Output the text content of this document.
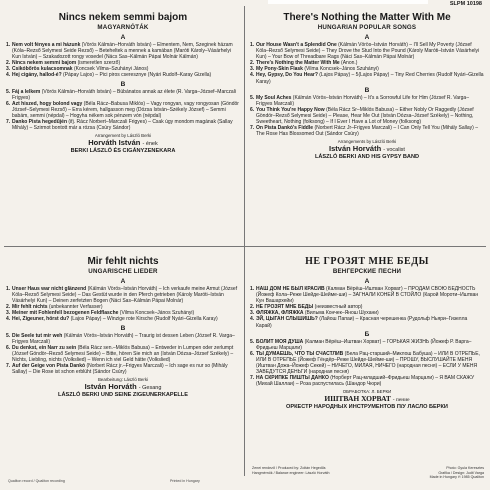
SLPM 10198
Nincs nekem semmi bajom
MAGYARNÓTÁK
A
1. Nem volt fényes a mi házunk (Vörös Kálmán–Horváth István) – Elmentem, Nem, Szeginek házam (Kóla–Rezső Selymesi Seide Rezső) – Beteheltek a mennek a kamában (Maróti Károly–Vásárhelyi Kun István) – Szakadozott rongy vosedel (Nács Sas–Kálmán Pápai Molnár Kálmán)
2. Nincs nekem semmi bajom (ismeretlen szerző)
3. Csikóbőrös kulacsomnak (Koncsek Vilma–Szuhányi János)
4. Hej cigány, hallod-é? (Pápay Lajos) – Pici piros cseresznye (Nyári Rudolf–Karay Gizella)
B
5. Fáj a lelkem (Vörös Kálmán–Horváth István) – Búbánatos annak az élete (R. Varga–József–Marczali Frigyes)
6. Azt hiszed, hogy bolond vagy (Béla Rácz–Babusa Miklós) – Vagy rongyan, vagy rongyosan (Göndör József–Selymesi Rezső) – Erra kérem, hallgasson meg (Dózsa István–Székely József) – Semmi babám, semmi (népdal) – Hogyha nékem sok pénzem vón (népdal)
7. Danko Pista hegedűjén (ifj. Rácz Norbert–Marczali Frigyes) – Csak úgy mondom magának (Sallay Mihály) – Szirmot bontott már a rózsa (Csúry Sándor)
Arrangement by László Berki
Horváth István - ének
BERKI LÁSZLÓ ÉS CIGÁNYZENEKARA
There's Nothing the Matter With Me
HUNGARIAN POPULAR SONGS
A
1. Our House Wasn't a Splendid One (Kálmán Vörös–István Horváth) – I'll Sell My Poverty (József Kóla–Rezső Selymesi Seide) – They Drove the Stud Into the Pound (Károly Maróti–István Vásárhelyi Kun) – Your Bow of Threadbare Rags (Náci Sas–Kálmán Pápai Molnár)
2. There's Nothing the Matter With Me (Anon.)
3. My Pony-Skin Flask (Vilma Koncsek–János Szuhányi)
4. Hey, Gypsy, Do You Hear? (Lajos Pápay) – 5(Lajos Pápay) – Tiny Red Cherries (Rudolf Nyári–Gizella Karay)
B
5. My Soul Aches (Kálmán Vörös–István Horváth) – It's a Sorrowful Life for Him (József R. Varga–Frigyes Marczali)
6. You Think You're Happy Now (Béla Rácz Sr–Miklós Babusa) – Either Nobly Or Raggedly (József Göndör–Rezső Selymesi Seide) – Please, Hear Me Out (István Dózsa–József Székely) – Nothing, Sweetheart, Nothing (folksong) – If I Ever I Have a Lot of Money (folksong)
7. On Pista Dankó's Fiddle (Norbert Rácz Jr–Frigyes Marczali) – I Can Only Tell You (Mihály Sallay) – The Rose Has Blossomed Out (Sándor Csúry)
Arrangements by László Berki
István Horváth - vocalist
LÁSZLÓ BERKI AND HIS GYPSY BAND
Mir fehlt nichts
UNGARISCHE LIEDER
A
1. Unser Haus war nicht glänzend (Kálmán Vörös–István Horváth) – Ich verkaufe meine Armut (József Kóla–Rezső Selymesi Seide) – Das Gestüt wurde in den Pferch getrieben (Károly Maróti–István Vásárhelyi Kun) – Deinen zerfetzten Bogen (Náci Sas–Kálmán Pápai Molnár)
2. Mir fehlt nichts (unbekannter Verfasser)
3. Meiner mit Fohlenfell bezogenen Feldflasche (Vilma Koncsek–János Szuhányi)
4. Hei, Zigeuner, hörst du? (Lajos Pápay) – Winzige rote Kirsche (Rudolf Nyári–Gizella Karay)
B
5. Die Seele tut mir weh (Kálmán Vörös–István Horváth) – Traurig ist dessen Leben (József R. Varga–Frigyes Marczali)
6. Du denkst, ein Narr zu sein (Béla Rácz sen.–Miklós Babusa) – Entweder in Lumpen oder zerlumpt (József Göndör–Rezső Selymesi Seide) – Bitte, hören Sie mich an (István Dózsa–József Székely) – Nichts, Liebling, nichts (Volkslied) – Wenn ich viel Geld hätte (Volkslied)
7. Auf der Geige von Pista Dankó (Norbert Rácz jr.–Frigyes Marczali) – Ich sage es nur so (Mihály Sallay) – Die Rose ist schon erblüht (Sándor Csúry)
Bearbeitung: László Berki
István Horváth - Gesang
LÁSZLÓ BERKI UND SEINE ZIGEUNERKAPELLE
НЕ ГРОЗЯТ МНЕ БЕДЫ
ВЕНГЕРСКИЕ ПЕСНИ
A
1. НАШ ДОМ НЕ БЫЛ КРАСИВ (Калман Вёрёш–Иштван Хорват) – ПРОДАМ СВОЮ БЕДНОСТЬ (Йожеф Кола–Реже Шейде-Шейме-ши) – ЗАГНАЛИ КОНЕЙ В СТОЙЛО (Карой Мороти–Иштван Кун Вашархейи)
2. НЕ ГРОЗЯТ МНЕ БЕДЫ (неизвестный автор)
3. ФЛЯЖКА, ФЛЯЖКА (Вильма Кончек–Янош Шухани)
4. ЭЙ, ЦЫГАН СЛЫШИШЬ? (Лайош Папаи) – Красная черешенка (Рудольф Ньяри–Гизелла Карай)
Б
5. БОЛИТ МОЯ ДУША (Калман Вёрёш–Иштван Хорват) – ГОРЬКАЯ ЖИЗНЬ (Йожеф Р. Варга–Фридьеш Марцали)
6. ТЫ ДУМАЕШЬ, ЧТО ТЫ СЧАСТЛИВ (Бела Рац-старший–Миклош Бабуша) – ИЛИ В ОТРЕПЬЕ, ИЛИ В ОТРЕПЬЕ (Йожеф Гёндёр–Реже Шейде-Шейме-ши) – ПРОШУ, ВЫСЛУШАЙТЕ МЕНЯ (Иштван Дожа–Йожеф Секей) – НИЧЕГО, МИЛАЯ, НИЧЕГО (народная песня) – ЕСЛИ У МЕНЯ ЗАВЕДУТСЯ ДЕНЬГИ (народная песня)
7. НА СКРИПКЕ ПИШТЫ ДАНКО (Норберт Рац-младший–Фридьеш Марцали) – Я ВАМ СКАЖУ (Михай Шаллаи) – Роза распустилась (Шандор Чюри)
ОБРАБОТКА: Л. БЕРКИ
ИШТВАН ХОРВАТ - пение
ОРКЕСТР НАРОДНЫХ ИНСТРУМЕНТОВ П/У ЛАСЛО БЕРКИ
Zenei rendező / Produced by: Zoltán Hegedűs
Hangmérnök / Balance engineer: László Horváth
Photo: Gyula Keresztes
Grafika / Design: Judit Varga
Made in Hungary ℗ 1985 Qualiton
Qualiton record / Qualiton recording	Printed in Hungary
